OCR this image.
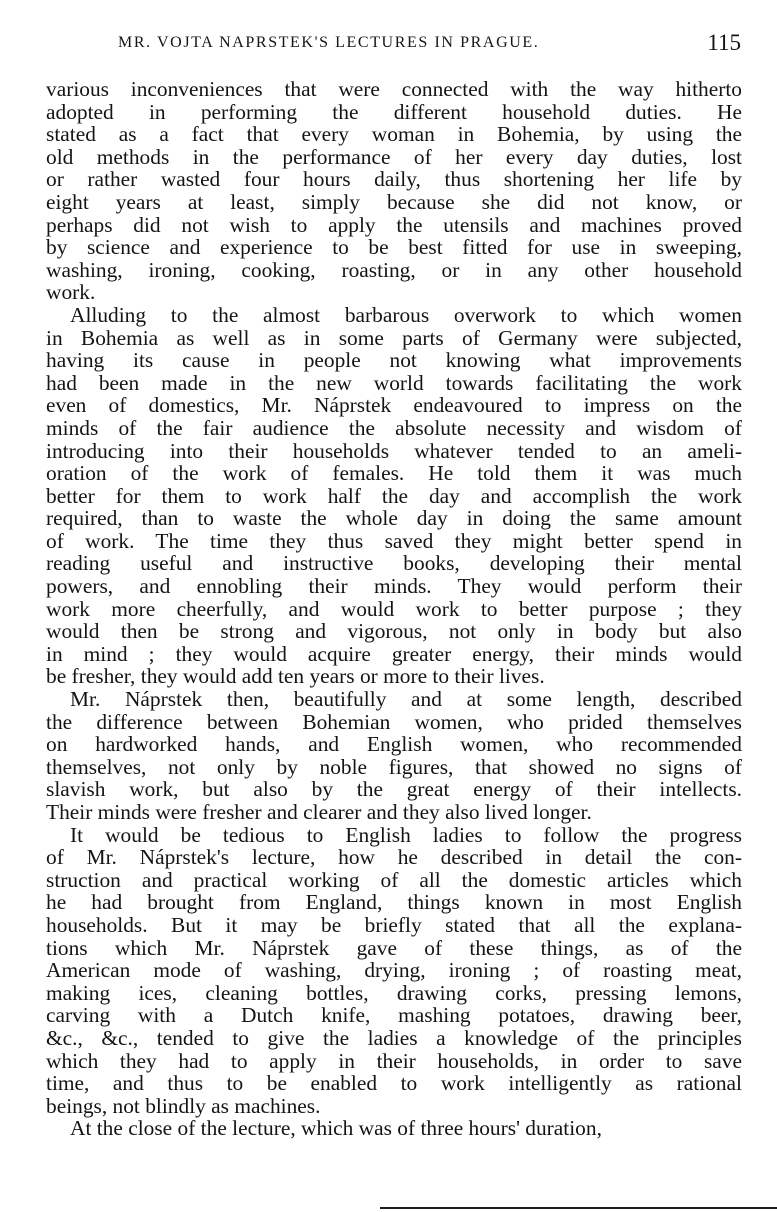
MR. VOJTA NAPRSTEK'S LECTURES IN PRAGUE.	115
various inconveniences that were connected with the way hitherto
adopted in performing the different household duties. He
stated as a fact that every woman in Bohemia, by using the
old methods in the performance of her every day duties, lost
or rather wasted four hours daily, thus shortening her life by
eight years at least, simply because she did not know, or
perhaps did not wish to apply the utensils and machines proved
by science and experience to be best fitted for use in sweeping,
washing, ironing, cooking, roasting, or in any other household
work.
Alluding to the almost barbarous overwork to which women
in Bohemia as well as in some parts of Germany were subjected,
having its cause in people not knowing what improvements
had been made in the new world towards facilitating the work
even of domestics, Mr. Náprstek endeavoured to impress on the
minds of the fair audience the absolute necessity and wisdom of
introducing into their households whatever tended to an ameli-
oration of the work of females. He told them it was much
better for them to work half the day and accomplish the work
required, than to waste the whole day in doing the same amount
of work. The time they thus saved they might better spend in
reading useful and instructive books, developing their mental
powers, and ennobling their minds. They would perform their
work more cheerfully, and would work to better purpose ; they
would then be strong and vigorous, not only in body but also
in mind ; they would acquire greater energy, their minds would
be fresher, they would add ten years or more to their lives.
Mr. Náprstek then, beautifully and at some length, described
the difference between Bohemian women, who prided themselves
on hardworked hands, and English women, who recommended
themselves, not only by noble figures, that showed no signs of
slavish work, but also by the great energy of their intellects.
Their minds were fresher and clearer and they also lived longer.
It would be tedious to English ladies to follow the progress
of Mr. Náprstek's lecture, how he described in detail the con-
struction and practical working of all the domestic articles which
he had brought from England, things known in most English
households. But it may be briefly stated that all the explana-
tions which Mr. Náprstek gave of these things, as of the
American mode of washing, drying, ironing ; of roasting meat,
making ices, cleaning bottles, drawing corks, pressing lemons,
carving with a Dutch knife, mashing potatoes, drawing beer,
&c., &c., tended to give the ladies a knowledge of the principles
which they had to apply in their households, in order to save
time, and thus to be enabled to work intelligently as rational
beings, not blindly as machines.
At the close of the lecture, which was of three hours' duration,
